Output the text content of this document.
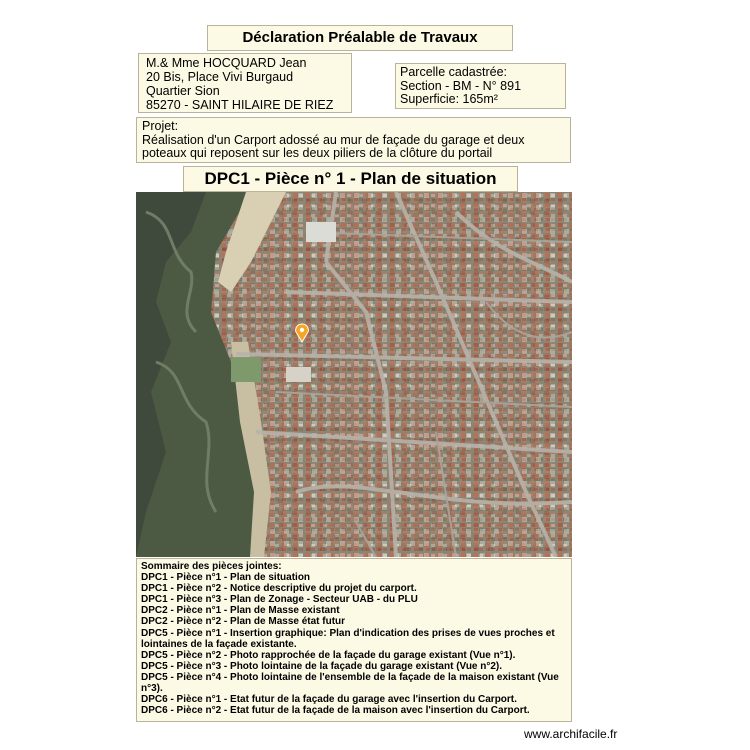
Déclaration Préalable de Travaux
M.& Mme HOCQUARD Jean
20 Bis, Place Vivi Burgaud
Quartier Sion
85270 - SAINT HILAIRE DE RIEZ
Parcelle cadastrée:
Section - BM - N° 891
Superficie: 165m²
Projet:
Réalisation d'un Carport adossé au mur de façade du garage et deux poteaux qui reposent sur les deux piliers de la clôture du portail
DPC1 - Pièce n° 1 - Plan de situation
Sommaire des pièces jointes:
DPC1 - Pièce n°1 - Plan de situation
DPC1 - Pièce n°2 - Notice descriptive du projet du carport.
DPC1 - Pièce n°3 - Plan de Zonage - Secteur UAB - du PLU
DPC2 - Pièce n°1 - Plan de Masse existant
DPC2 - Pièce n°2 - Plan de Masse état futur
DPC5 - Pièce n°1 - Insertion graphique: Plan d'indication des prises de vues proches et lointaines de la façade existante.
DPC5 - Pièce n°2 - Photo rapprochée de la façade du garage existant (Vue n°1).
DPC5 - Pièce n°3 - Photo lointaine de la façade du garage existant (Vue n°2).
DPC5 - Pièce n°4 - Photo lointaine de l'ensemble de la façade de la maison existant (Vue n°3).
DPC6 - Pièce n°1 - Etat futur de la façade du garage avec l'insertion du Carport.
DPC6 - Pièce n°2 - Etat futur de la façade de la maison avec l'insertion du Carport.
www.archifacile.fr
